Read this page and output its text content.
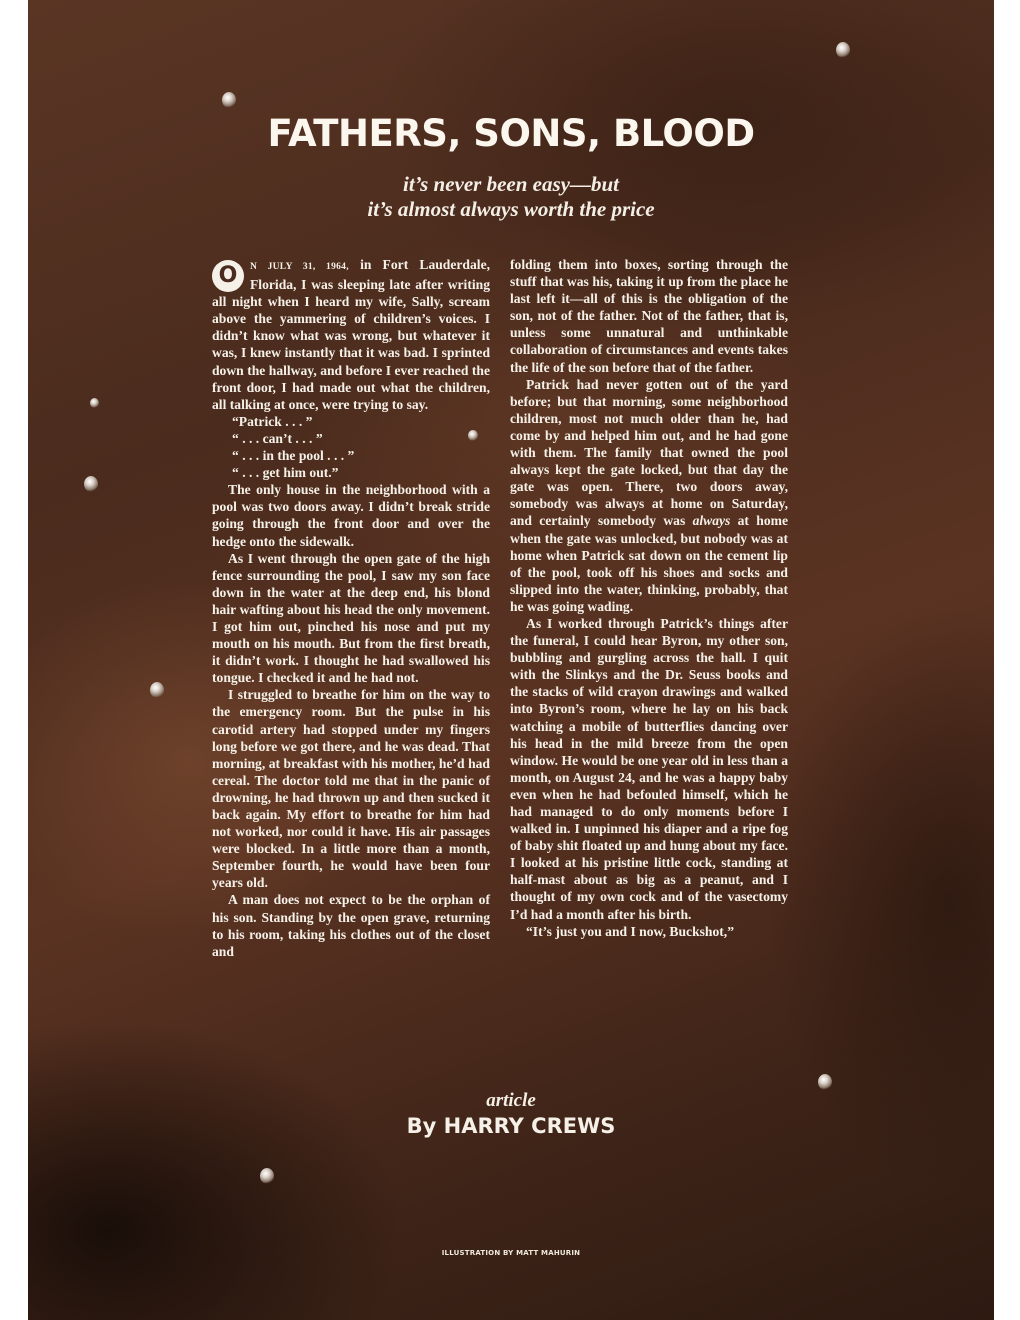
FATHERS, SONS, BLOOD
it’s never been easy—but
it’s almost always worth the price

O N JULY 31, 1964, in Fort Lauderdale, Florida, I was sleeping late after writing all night when I heard my wife, Sally, scream above the yammering of children’s voices. I didn’t know what was wrong, but whatever it was, I knew instantly that it was bad. I sprinted down the hallway, and before I ever reached the front door, I had made out what the children, all talking at once, were trying to say.

“Patrick . . . ”

“ . . . can’t . . . ”

“ . . . in the pool . . . ”

“ . . . get him out.”

The only house in the neighborhood with a pool was two doors away. I didn’t break stride going through the front door and over the hedge onto the sidewalk.

As I went through the open gate of the high fence surrounding the pool, I saw my son face down in the water at the deep end, his blond hair wafting about his head the only movement. I got him out, pinched his nose and put my mouth on his mouth. But from the first breath, it didn’t work. I thought he had swallowed his tongue. I checked it and he had not.

I struggled to breathe for him on the way to the emergency room. But the pulse in his carotid artery had stopped under my fingers long before we got there, and he was dead. That morning, at breakfast with his mother, he’d had cereal. The doctor told me that in the panic of drowning, he had thrown up and then sucked it back again. My effort to breathe for him had not worked, nor could it have. His air passages were blocked. In a little more than a month, September fourth, he would have been four years old.

A man does not expect to be the orphan of his son. Standing by the open grave, returning to his room, taking his clothes out of the closet and

folding them into boxes, sorting through the stuff that was his, taking it up from the place he last left it—all of this is the obligation of the son, not of the father. Not of the father, that is, unless some unnatural and unthinkable collaboration of circumstances and events takes the life of the son before that of the father.

Patrick had never gotten out of the yard before; but that morning, some neighborhood children, most not much older than he, had come by and helped him out, and he had gone with them. The family that owned the pool always kept the gate locked, but that day the gate was open. There, two doors away, somebody was always at home on Saturday, and certainly somebody was always at home when the gate was unlocked, but nobody was at home when Patrick sat down on the cement lip of the pool, took off his shoes and socks and slipped into the water, thinking, probably, that he was going wading.

As I worked through Patrick’s things after the funeral, I could hear Byron, my other son, bubbling and gurgling across the hall. I quit with the Slinkys and the Dr. Seuss books and the stacks of wild crayon drawings and walked into Byron’s room, where he lay on his back watching a mobile of butterflies dancing over his head in the mild breeze from the open window. He would be one year old in less than a month, on August 24, and he was a happy baby even when he had befouled himself, which he had managed to do only moments before I walked in. I unpinned his diaper and a ripe fog of baby shit floated up and hung about my face. I looked at his pristine little cock, standing at half-mast about as big as a peanut, and I thought of my own cock and of the vasectomy I’d had a month after his birth.

“It’s just you and I now, Buckshot,”

article
By HARRY CREWS
ILLUSTRATION BY MATT MAHURIN
